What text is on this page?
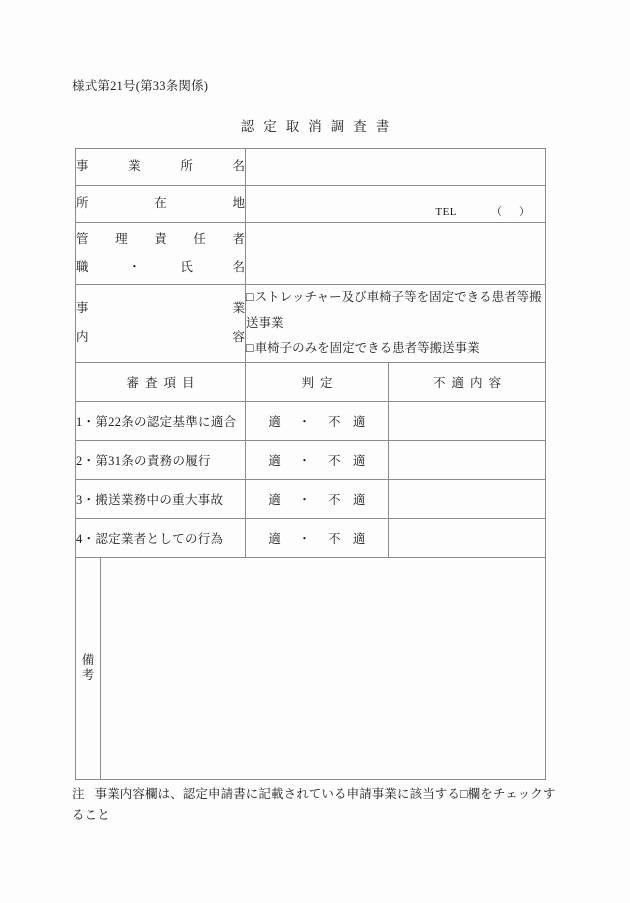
様式第21号(第33条関係)
認定取消調査書
事業所名			
所在地		TEL （　）	

管理責任者
職・氏名			

事　　　　業
内　　　　容

□ストレッチャー及び車椅子等を固定できる患者等搬送事業
□車椅子のみを固定できる患者等搬送事業

審査項目		判定	不適内容
1・第22条の認定基準に適合		適 ・ 不 適	
2・第31条の責務の履行		適 ・ 不 適	
3・搬送業務中の重大事故		適 ・ 不 適	
4・認定業者としての行為		適 ・ 不 適	
備
考			
注 事業内容欄は、認定申請書に記載されている申請事業に該当する□欄をチェックすること
